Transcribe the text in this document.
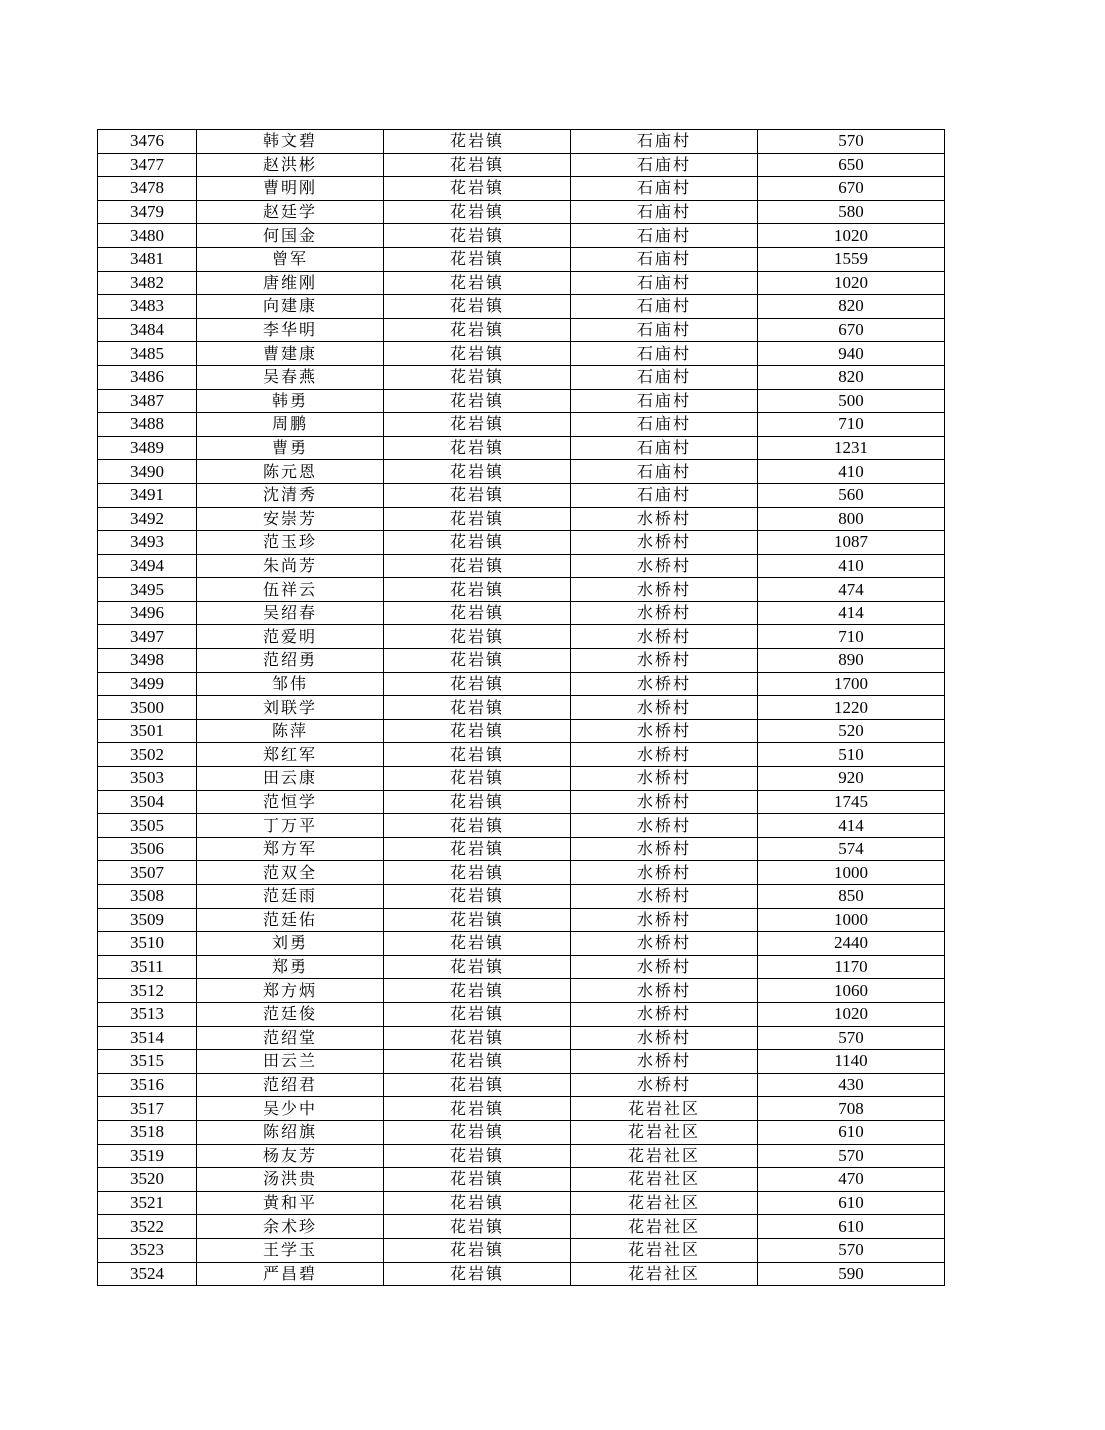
3476	韩文碧	花岩镇	石庙村	570
3477	赵洪彬	花岩镇	石庙村	650
3478	曹明刚	花岩镇	石庙村	670
3479	赵廷学	花岩镇	石庙村	580
3480	何国金	花岩镇	石庙村	1020
3481	曾军	花岩镇	石庙村	1559
3482	唐维刚	花岩镇	石庙村	1020
3483	向建康	花岩镇	石庙村	820
3484	李华明	花岩镇	石庙村	670
3485	曹建康	花岩镇	石庙村	940
3486	吴春燕	花岩镇	石庙村	820
3487	韩勇	花岩镇	石庙村	500
3488	周鹏	花岩镇	石庙村	710
3489	曹勇	花岩镇	石庙村	1231
3490	陈元恩	花岩镇	石庙村	410
3491	沈清秀	花岩镇	石庙村	560
3492	安崇芳	花岩镇	水桥村	800
3493	范玉珍	花岩镇	水桥村	1087
3494	朱尚芳	花岩镇	水桥村	410
3495	伍祥云	花岩镇	水桥村	474
3496	吴绍春	花岩镇	水桥村	414
3497	范爱明	花岩镇	水桥村	710
3498	范绍勇	花岩镇	水桥村	890
3499	邹伟	花岩镇	水桥村	1700
3500	刘联学	花岩镇	水桥村	1220
3501	陈萍	花岩镇	水桥村	520
3502	郑红军	花岩镇	水桥村	510
3503	田云康	花岩镇	水桥村	920
3504	范恒学	花岩镇	水桥村	1745
3505	丁万平	花岩镇	水桥村	414
3506	郑方军	花岩镇	水桥村	574
3507	范双全	花岩镇	水桥村	1000
3508	范廷雨	花岩镇	水桥村	850
3509	范廷佑	花岩镇	水桥村	1000
3510	刘勇	花岩镇	水桥村	2440
3511	郑勇	花岩镇	水桥村	1170
3512	郑方炳	花岩镇	水桥村	1060
3513	范廷俊	花岩镇	水桥村	1020
3514	范绍堂	花岩镇	水桥村	570
3515	田云兰	花岩镇	水桥村	1140
3516	范绍君	花岩镇	水桥村	430
3517	吴少中	花岩镇	花岩社区	708
3518	陈绍旗	花岩镇	花岩社区	610
3519	杨友芳	花岩镇	花岩社区	570
3520	汤洪贵	花岩镇	花岩社区	470
3521	黄和平	花岩镇	花岩社区	610
3522	余术珍	花岩镇	花岩社区	610
3523	王学玉	花岩镇	花岩社区	570
3524	严昌碧	花岩镇	花岩社区	590
